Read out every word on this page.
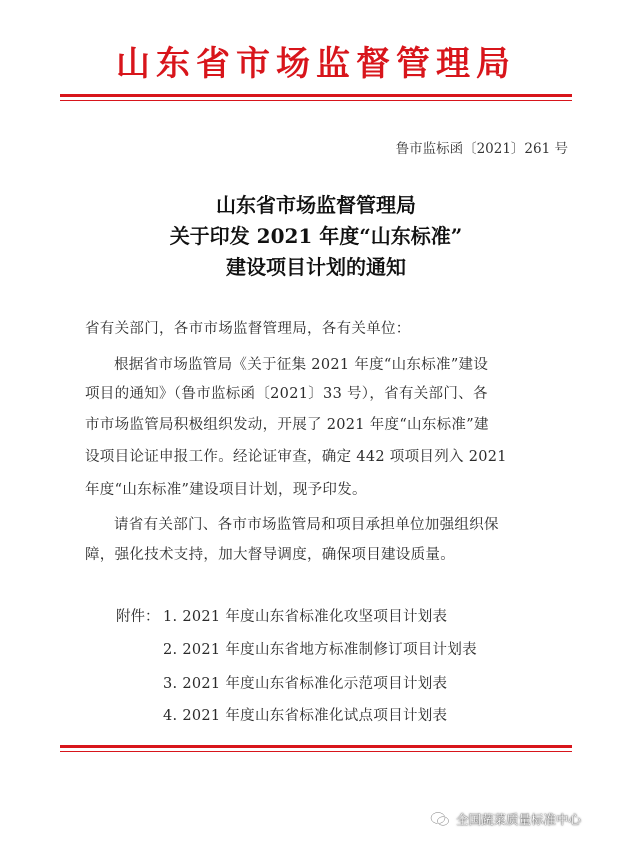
山东省市场监督管理局
鲁市监标函〔2021〕261 号
山东省市场监督管理局
关于印发 2021 年度“山东标准”
建设项目计划的通知
省有关部门，各市市场监督管理局，各有关单位：
根据省市场监管局《关于征集 2021 年度“山东标准”建设
项目的通知》（鲁市监标函〔2021〕33 号），省有关部门、各
市市场监管局积极组织发动，开展了 2021 年度“山东标准”建
设项目论证申报工作。经论证审查，确定 442 项项目列入 2021
年度“山东标准”建设项目计划，现予印发。
请省有关部门、各市市场监管局和项目承担单位加强组织保
障，强化技术支持，加大督导调度，确保项目建设质量。
附件： 1. 2021 年度山东省标准化攻坚项目计划表
2. 2021 年度山东省地方标准制修订项目计划表
3. 2021 年度山东省标准化示范项目计划表
4. 2021 年度山东省标准化试点项目计划表
全国蔬菜质量标准中心
